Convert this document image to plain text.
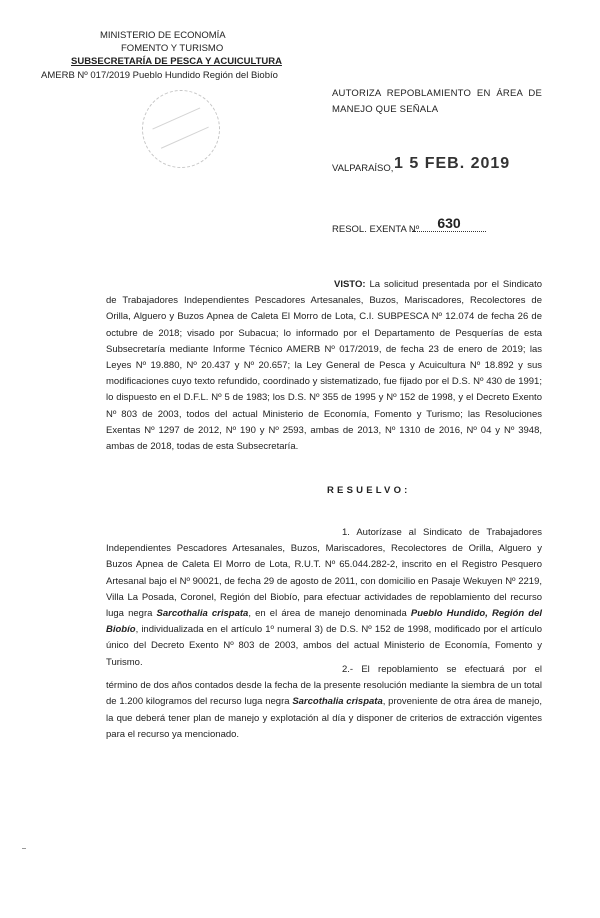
MINISTERIO DE ECONOMÍA
FOMENTO Y TURISMO
SUBSECRETARÍA DE PESCA Y ACUICULTURA
AMERB Nº 017/2019 Pueblo Hundido Región del Biobío
AUTORIZA REPOBLAMIENTO EN ÁREA DE MANEJO QUE SEÑALA
VALPARAÍSO, 1 5 FEB. 2019
RESOL. EXENTA Nº	630

VISTO: La solicitud presentada por el Sindicato de Trabajadores Independientes Pescadores Artesanales, Buzos, Mariscadores, Recolectores de Orilla, Alguero y Buzos Apnea de Caleta El Morro de Lota, C.I. SUBPESCA Nº 12.074 de fecha 26 de octubre de 2018; visado por Subacua; lo informado por el Departamento de Pesquerías de esta Subsecretaría mediante Informe Técnico AMERB Nº 017/2019, de fecha 23 de enero de 2019; las Leyes Nº 19.880, Nº 20.437 y Nº 20.657; la Ley General de Pesca y Acuicultura Nº 18.892 y sus modificaciones cuyo texto refundido, coordinado y sistematizado, fue fijado por el D.S. Nº 430 de 1991; lo dispuesto en el D.F.L. Nº 5 de 1983; los D.S. Nº 355 de 1995 y Nº 152 de 1998, y el Decreto Exento Nº 803 de 2003, todos del actual Ministerio de Economía, Fomento y Turismo; las Resoluciones Exentas Nº 1297 de 2012, Nº 190 y Nº 2593, ambas de 2013, Nº 1310 de 2016, Nº 04 y Nº 3948, ambas de 2018, todas de esta Subsecretaría.

RESUELVO:

1. Autorízase al Sindicato de Trabajadores Independientes Pescadores Artesanales, Buzos, Mariscadores, Recolectores de Orilla, Alguero y Buzos Apnea de Caleta El Morro de Lota, R.U.T. Nº 65.044.282-2, inscrito en el Registro Pesquero Artesanal bajo el Nº 90021, de fecha 29 de agosto de 2011, con domicilio en Pasaje Wekuyen Nº 2219, Villa La Posada, Coronel, Región del Biobío, para efectuar actividades de repoblamiento del recurso luga negra Sarcothalia crispata, en el área de manejo denominada Pueblo Hundido, Región del Biobío, individualizada en el artículo 1º numeral 3) de D.S. Nº 152 de 1998, modificado por el artículo único del Decreto Exento Nº 803 de 2003, ambos del actual Ministerio de Economía, Fomento y Turismo.

2.- El repoblamiento se efectuará por el término de dos años contados desde la fecha de la presente resolución mediante la siembra de un total de 1.200 kilogramos del recurso luga negra Sarcothalia crispata, proveniente de otra área de manejo, la que deberá tener plan de manejo y explotación al día y disponer de criterios de extracción vigentes para el recurso ya mencionado.
